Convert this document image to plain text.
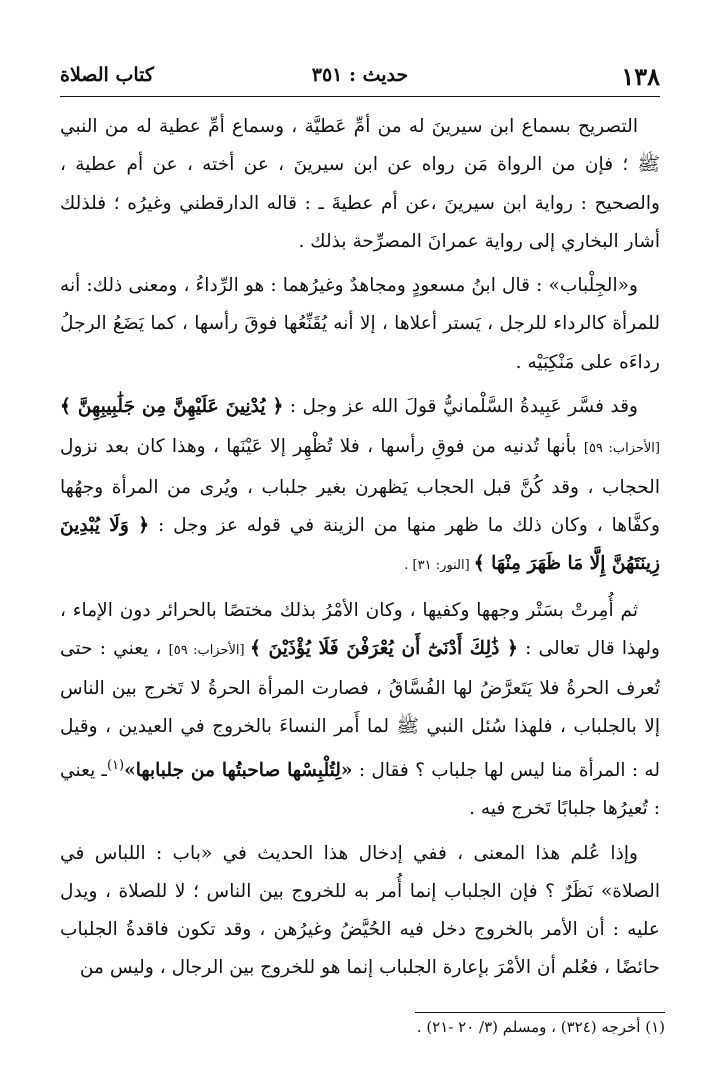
١٣٨
حديث : ٣٥١
كتاب الصلاة

التصريح بسماع ابن سيرينَ له من أمِّ عَطيَّة ، وسماع أمِّ عطية له من النبي ﷺ ؛ فإن من الرواة مَن رواه عن ابن سيرينَ ، عن أخته ، عن أم عطية ، والصحيح : رواية ابن سيرينَ ،عن أم عطيةَ ـ : قاله الدارقطني وغيرُه ؛ فلذلك أشار البخاري إلى رواية عمرانَ المصرِّحة بذلك .

و«الجِلْباب» : قال ابنُ مسعودٍ ومجاهدٌ وغيرُهما : هو الرِّداءُ ، ومعنى ذلك: أنه للمرأة كالرداء للرجل ، يَستر أعلاها ، إلا أنه يُقَنِّعُها فوقَ رأسها ، كما يَضَعُ الرجلُ رداءَه على مَنْكِبَيْه .

وقد فسَّر عَبِيدةُ السَّلْمانيُّ قولَ الله عز وجل : ﴿ يُدْنِينَ عَلَيْهِنَّ مِن جَلَٰبِيبِهِنَّ ﴾ [الأحزاب: ٥٩] بأنها تُدنيه من فوقِ رأسها ، فلا تُظْهِر إلا عَيْنَها ، وهذا كان بعد نزول الحجاب ، وقد كُنَّ قبل الحجاب يَظهرن بغير جلباب ، ويُرى من المرأة وجهُها وكفَّاها ، وكان ذلك ما ظهر منها من الزينة في قوله عز وجل : ﴿ وَلَا يُبْدِينَ زِينَتَهُنَّ إِلَّا مَا ظَهَرَ مِنْهَا ﴾ [النور: ٣١] .

ثم أُمِرتْ بسَتْر وجهها وكفيها ، وكان الأمْرُ بذلك مختصًا بالحرائر دون الإماء ، ولهذا قال تعالى : ﴿ ذَٰلِكَ أَدْنَىٰٓ أَن يُعْرَفْنَ فَلَا يُؤْذَيْنَ ﴾ [الأحزاب: ٥٩] ، يعني : حتى تُعرف الحرةُ فلا يَتَعرَّضُ لها الفُسَّاقُ ، فصارت المرأة الحرةُ لا تَخرج بين الناس إلا بالجلباب ، فلهذا سُئل النبي ﷺ لما أَمر النساءَ بالخروج في العيدين ، وقيل له : المرأة منا ليس لها جلباب ؟ فقال : «لِتُلْبِسْها صاحبتُها من جلبابها»$^{(١)}$ـ يعني : تُعيرُها جلبابًا تَخرج فيه .

وإذا عُلم هذا المعنى ، ففي إدخال هذا الحديث في «باب : اللباس في الصلاة» نَظَرٌ ؟ فإن الجلباب إنما أُمر به للخروج بين الناس ؛ لا للصلاة ، ويدل عليه : أن الأمر بالخروج دخل فيه الحُيَّضُ وغيرُهن ، وقد تكون فاقدةُ الجلباب حائضًا ، فعُلم أن الأمْرَ بإعارة الجلباب إنما هو للخروج بين الرجال ، وليس من

(١) أخرجه (٣٢٤) ، ومسلم (٣/ ٢٠ -٢١) .
